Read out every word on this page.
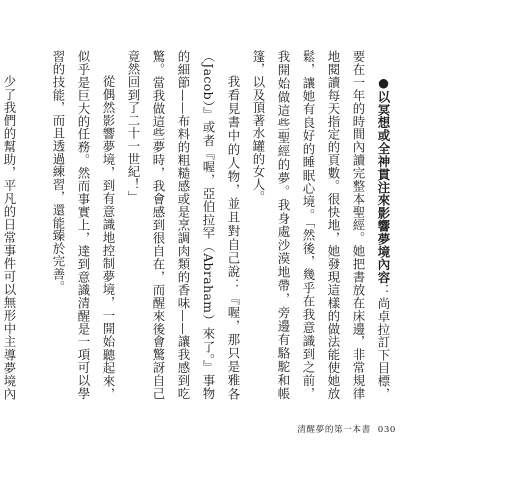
●以冥想或全神貫注來影響夢境內容：尚卓拉訂下目標，要在一年的時間內讀完整本聖經。她把書放在床邊，非常規律地閱讀每天指定的頁數。很快地，她發現這樣的做法能使她放鬆，讓她有良好的睡眠心境。「然後，幾乎在我意識到之前，我開始做這些聖經的夢。我身處沙漠地帶，旁邊有駱駝和帳篷，以及頂著水罐的女人。

我看見書中的人物，並且對自己說：『喔，那只是雅各（Jacob）』或者『喔，亞伯拉罕（Abraham）來了。』事物的細節——布料的粗糙感或是烹調肉類的香味——讓我感到吃驚。當我做這些夢時，我會感到很自在，而醒來後會驚訝自己竟然回到了二十一世紀！」

從偶然影響夢境，到有意識地控制夢境，一開始聽起來，似乎是巨大的任務。然而事實上，達到意識清醒是一項可以學習的技能，而且透過練習，還能臻於完善。

少了我們的幫助，平凡的日常事件可以無形中主導夢境內

清醒夢的第一本書 030
